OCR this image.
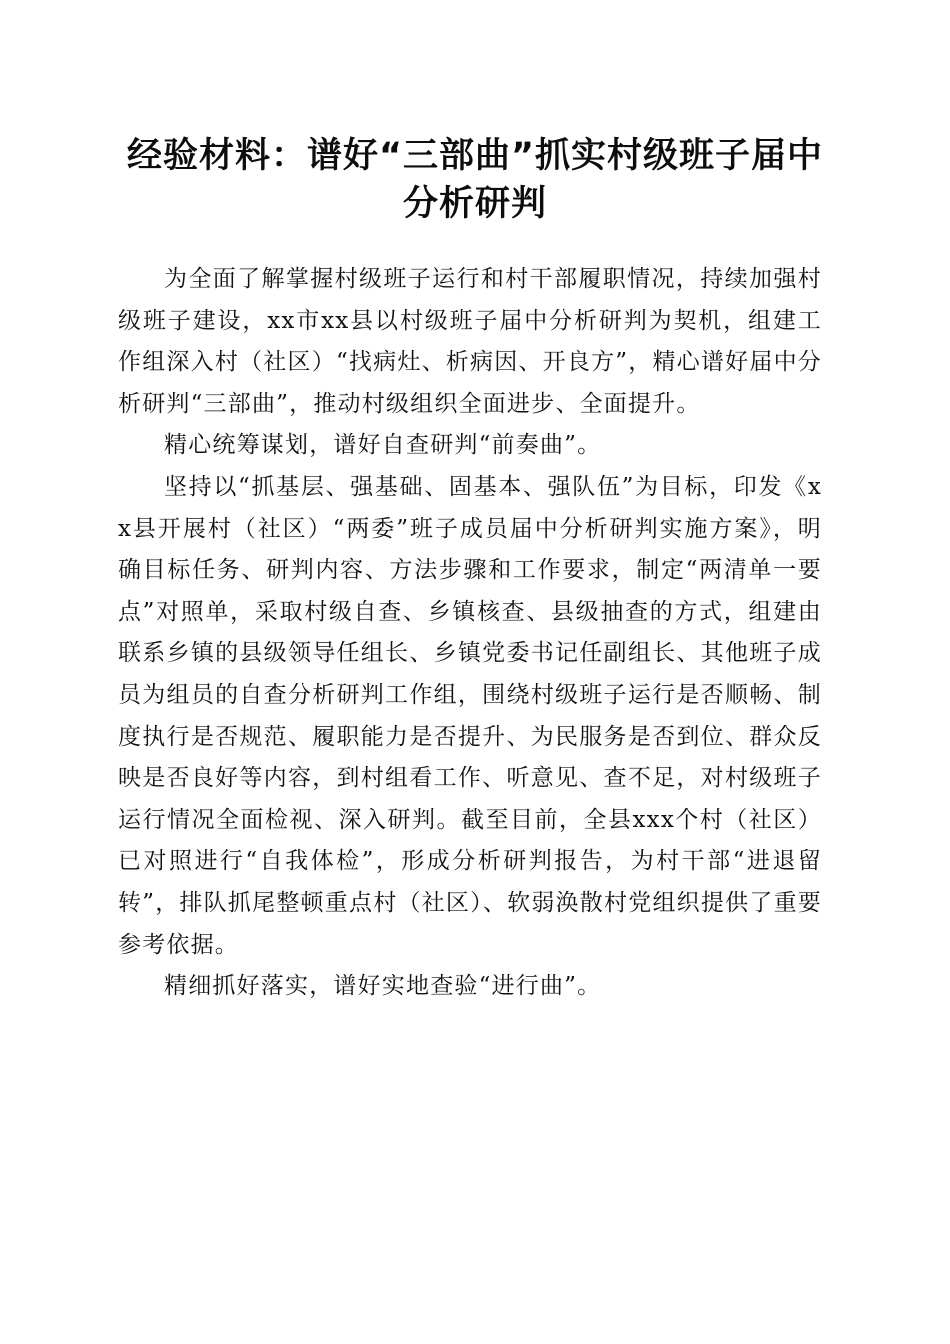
经验材料：谱好“三部曲”抓实村级班子届中分析研判

为全面了解掌握村级班子运行和村干部履职情况，持续加强村级班子建设，xx市xx县以村级班子届中分析研判为契机，组建工作组深入村（社区）“找病灶、析病因、开良方”，精心谱好届中分析研判“三部曲”，推动村级组织全面进步、全面提升。

精心统筹谋划，谱好自查研判“前奏曲”。

坚持以“抓基层、强基础、固基本、强队伍”为目标，印发《xx县开展村（社区）“两委”班子成员届中分析研判实施方案》，明确目标任务、研判内容、方法步骤和工作要求，制定“两清单一要点”对照单，采取村级自查、乡镇核查、县级抽查的方式，组建由联系乡镇的县级领导任组长、乡镇党委书记任副组长、其他班子成员为组员的自查分析研判工作组，围绕村级班子运行是否顺畅、制度执行是否规范、履职能力是否提升、为民服务是否到位、群众反映是否良好等内容，到村组看工作、听意见、查不足，对村级班子运行情况全面检视、深入研判。截至目前，全县xxx个村（社区）已对照进行“自我体检”，形成分析研判报告，为村干部“进退留转”，排队抓尾整顿重点村（社区）、软弱涣散村党组织提供了重要参考依据。

精细抓好落实，谱好实地查验“进行曲”。
